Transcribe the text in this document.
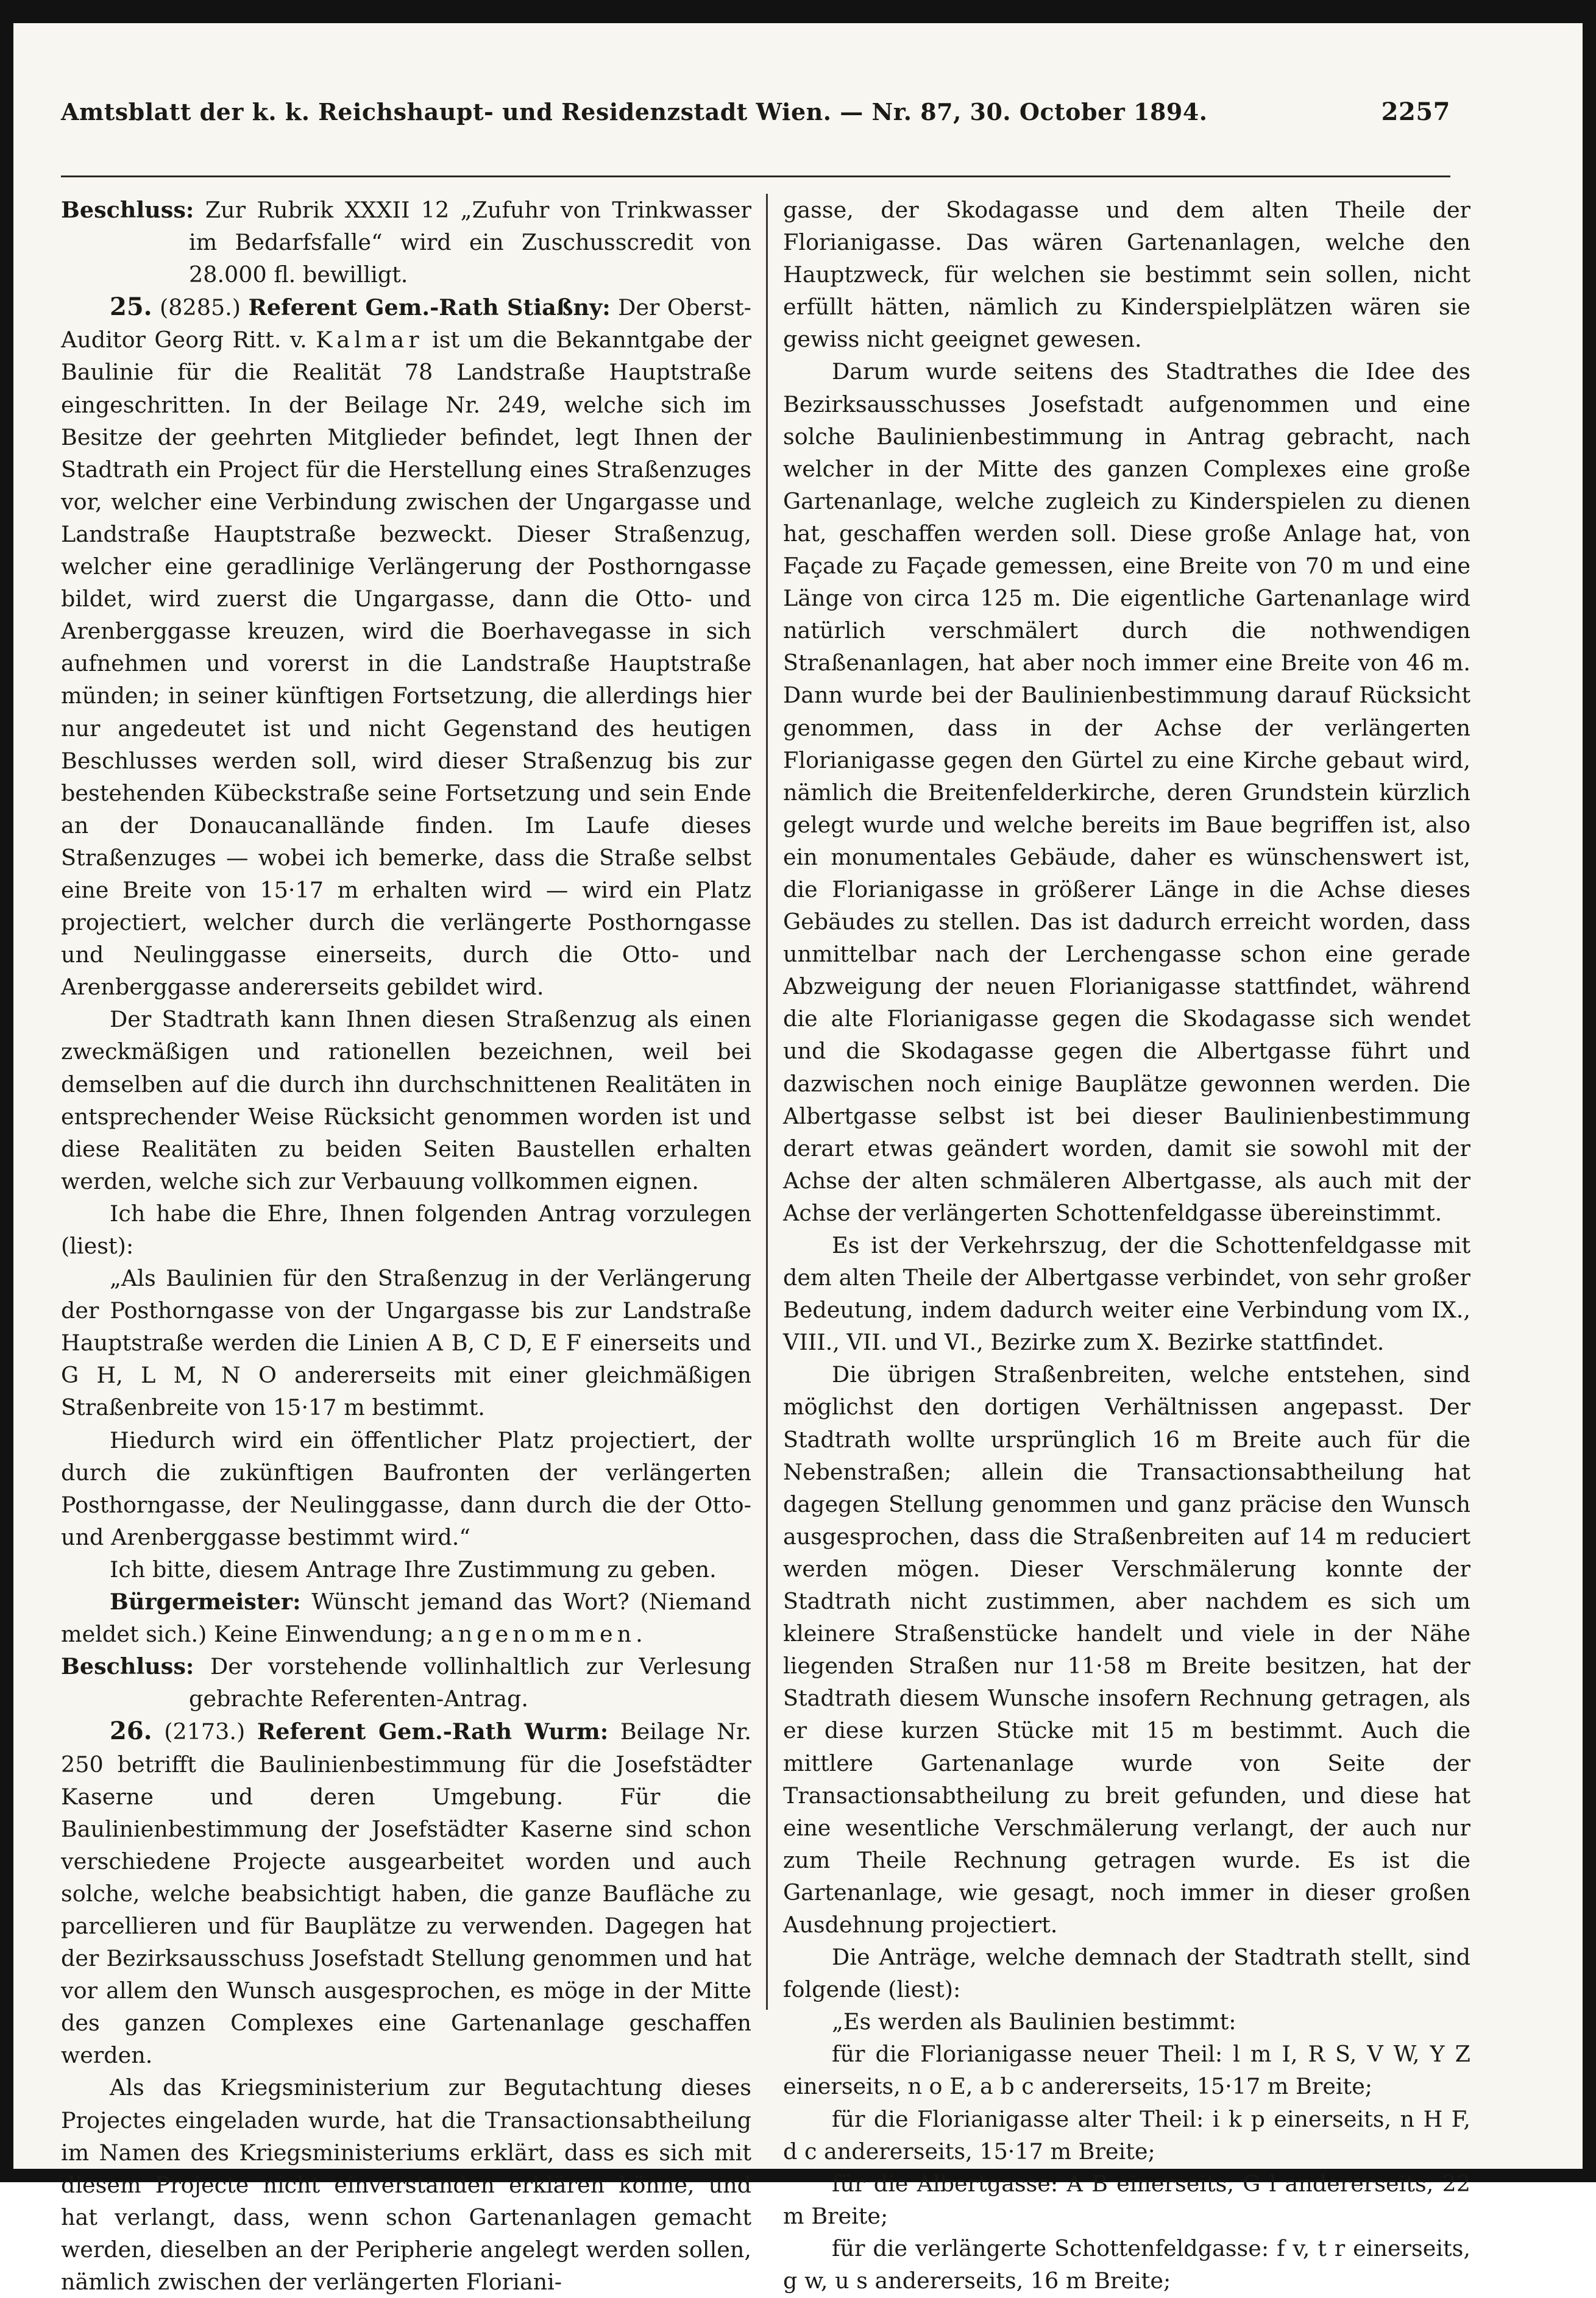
Amtsblatt der k. k. Reichshaupt- und Residenzstadt Wien. — Nr. 87, 30. October 1894.	2257

Beschluss: Zur Rubrik XXXII 12 „Zufuhr von Trinkwasser im Bedarfsfalle“ wird ein Zuschusscredit von 28.000 fl. bewilligt.

25. (8285.) Referent Gem.-Rath Stiaßny: Der Oberst-Auditor Georg Ritt. v. Kalmar ist um die Bekanntgabe der Baulinie für die Realität 78 Landstraße Hauptstraße eingeschritten. In der Beilage Nr. 249, welche sich im Besitze der geehrten Mitglieder befindet, legt Ihnen der Stadtrath ein Project für die Herstellung eines Straßenzuges vor, welcher eine Verbindung zwischen der Ungargasse und Landstraße Hauptstraße bezweckt. Dieser Straßenzug, welcher eine geradlinige Verlängerung der Posthorngasse bildet, wird zuerst die Ungargasse, dann die Otto- und Arenberggasse kreuzen, wird die Boerhavegasse in sich aufnehmen und vorerst in die Landstraße Hauptstraße münden; in seiner künftigen Fortsetzung, die allerdings hier nur angedeutet ist und nicht Gegenstand des heutigen Beschlusses werden soll, wird dieser Straßenzug bis zur bestehenden Kübeckstraße seine Fortsetzung und sein Ende an der Donaucanallände finden. Im Laufe dieses Straßenzuges — wobei ich bemerke, dass die Straße selbst eine Breite von 15·17 m erhalten wird — wird ein Platz projectiert, welcher durch die verlängerte Posthorngasse und Neulinggasse einerseits, durch die Otto- und Arenberggasse andererseits gebildet wird.

Der Stadtrath kann Ihnen diesen Straßenzug als einen zweckmäßigen und rationellen bezeichnen, weil bei demselben auf die durch ihn durchschnittenen Realitäten in entsprechender Weise Rücksicht genommen worden ist und diese Realitäten zu beiden Seiten Baustellen erhalten werden, welche sich zur Verbauung vollkommen eignen.

Ich habe die Ehre, Ihnen folgenden Antrag vorzulegen (liest):

„Als Baulinien für den Straßenzug in der Verlängerung der Posthorngasse von der Ungargasse bis zur Landstraße Hauptstraße werden die Linien A B, C D, E F einerseits und G H, L M, N O andererseits mit einer gleichmäßigen Straßenbreite von 15·17 m bestimmt.

Hiedurch wird ein öffentlicher Platz projectiert, der durch die zukünftigen Baufronten der verlängerten Posthorngasse, der Neulinggasse, dann durch die der Otto- und Arenberggasse bestimmt wird.“

Ich bitte, diesem Antrage Ihre Zustimmung zu geben.

Bürgermeister: Wünscht jemand das Wort? (Niemand meldet sich.) Keine Einwendung; angenommen.

Beschluss: Der vorstehende vollinhaltlich zur Verlesung gebrachte Referenten-Antrag.

26. (2173.) Referent Gem.-Rath Wurm: Beilage Nr. 250 betrifft die Baulinienbestimmung für die Josefstädter Kaserne und deren Umgebung. Für die Baulinienbestimmung der Josefstädter Kaserne sind schon verschiedene Projecte ausgearbeitet worden und auch solche, welche beabsichtigt haben, die ganze Baufläche zu parcellieren und für Bauplätze zu verwenden. Dagegen hat der Bezirksausschuss Josefstadt Stellung genommen und hat vor allem den Wunsch ausgesprochen, es möge in der Mitte des ganzen Complexes eine Gartenanlage geschaffen werden.

Als das Kriegsministerium zur Begutachtung dieses Projectes eingeladen wurde, hat die Transactionsabtheilung im Namen des Kriegsministeriums erklärt, dass es sich mit diesem Projecte nicht einverstanden erklären könne, und hat verlangt, dass, wenn schon Gartenanlagen gemacht werden, dieselben an der Peripherie angelegt werden sollen, nämlich zwischen der verlängerten Floriani-

gasse, der Skodagasse und dem alten Theile der Florianigasse. Das wären Gartenanlagen, welche den Hauptzweck, für welchen sie bestimmt sein sollen, nicht erfüllt hätten, nämlich zu Kinderspielplätzen wären sie gewiss nicht geeignet gewesen.

Darum wurde seitens des Stadtrathes die Idee des Bezirksausschusses Josefstadt aufgenommen und eine solche Baulinienbestimmung in Antrag gebracht, nach welcher in der Mitte des ganzen Complexes eine große Gartenanlage, welche zugleich zu Kinderspielen zu dienen hat, geschaffen werden soll. Diese große Anlage hat, von Façade zu Façade gemessen, eine Breite von 70 m und eine Länge von circa 125 m. Die eigentliche Gartenanlage wird natürlich verschmälert durch die nothwendigen Straßenanlagen, hat aber noch immer eine Breite von 46 m. Dann wurde bei der Baulinienbestimmung darauf Rücksicht genommen, dass in der Achse der verlängerten Florianigasse gegen den Gürtel zu eine Kirche gebaut wird, nämlich die Breitenfelderkirche, deren Grundstein kürzlich gelegt wurde und welche bereits im Baue begriffen ist, also ein monumentales Gebäude, daher es wünschenswert ist, die Florianigasse in größerer Länge in die Achse dieses Gebäudes zu stellen. Das ist dadurch erreicht worden, dass unmittelbar nach der Lerchengasse schon eine gerade Abzweigung der neuen Florianigasse stattfindet, während die alte Florianigasse gegen die Skodagasse sich wendet und die Skodagasse gegen die Albertgasse führt und dazwischen noch einige Bauplätze gewonnen werden. Die Albertgasse selbst ist bei dieser Baulinienbestimmung derart etwas geändert worden, damit sie sowohl mit der Achse der alten schmäleren Albertgasse, als auch mit der Achse der verlängerten Schottenfeldgasse übereinstimmt.

Es ist der Verkehrszug, der die Schottenfeldgasse mit dem alten Theile der Albertgasse verbindet, von sehr großer Bedeutung, indem dadurch weiter eine Verbindung vom IX., VIII., VII. und VI., Bezirke zum X. Bezirke stattfindet.

Die übrigen Straßenbreiten, welche entstehen, sind möglichst den dortigen Verhältnissen angepasst. Der Stadtrath wollte ursprünglich 16 m Breite auch für die Nebenstraßen; allein die Transactionsabtheilung hat dagegen Stellung genommen und ganz präcise den Wunsch ausgesprochen, dass die Straßenbreiten auf 14 m reduciert werden mögen. Dieser Verschmälerung konnte der Stadtrath nicht zustimmen, aber nachdem es sich um kleinere Straßenstücke handelt und viele in der Nähe liegenden Straßen nur 11·58 m Breite besitzen, hat der Stadtrath diesem Wunsche insofern Rechnung getragen, als er diese kurzen Stücke mit 15 m bestimmt. Auch die mittlere Gartenanlage wurde von Seite der Transactionsabtheilung zu breit gefunden, und diese hat eine wesentliche Verschmälerung verlangt, der auch nur zum Theile Rechnung getragen wurde. Es ist die Gartenanlage, wie gesagt, noch immer in dieser großen Ausdehnung projectiert.

Die Anträge, welche demnach der Stadtrath stellt, sind folgende (liest):

„Es werden als Baulinien bestimmt:

für die Florianigasse neuer Theil: l m I, R S, V W, Y Z einerseits, n o E, a b c andererseits, 15·17 m Breite;

für die Florianigasse alter Theil: i k p einerseits, n H F, d c andererseits, 15·17 m Breite;

für die Albertgasse: A B einerseits, G l andererseits, 22 m Breite;

für die verlängerte Schottenfeldgasse: f v, t r einerseits, g w, u s andererseits, 16 m Breite;
